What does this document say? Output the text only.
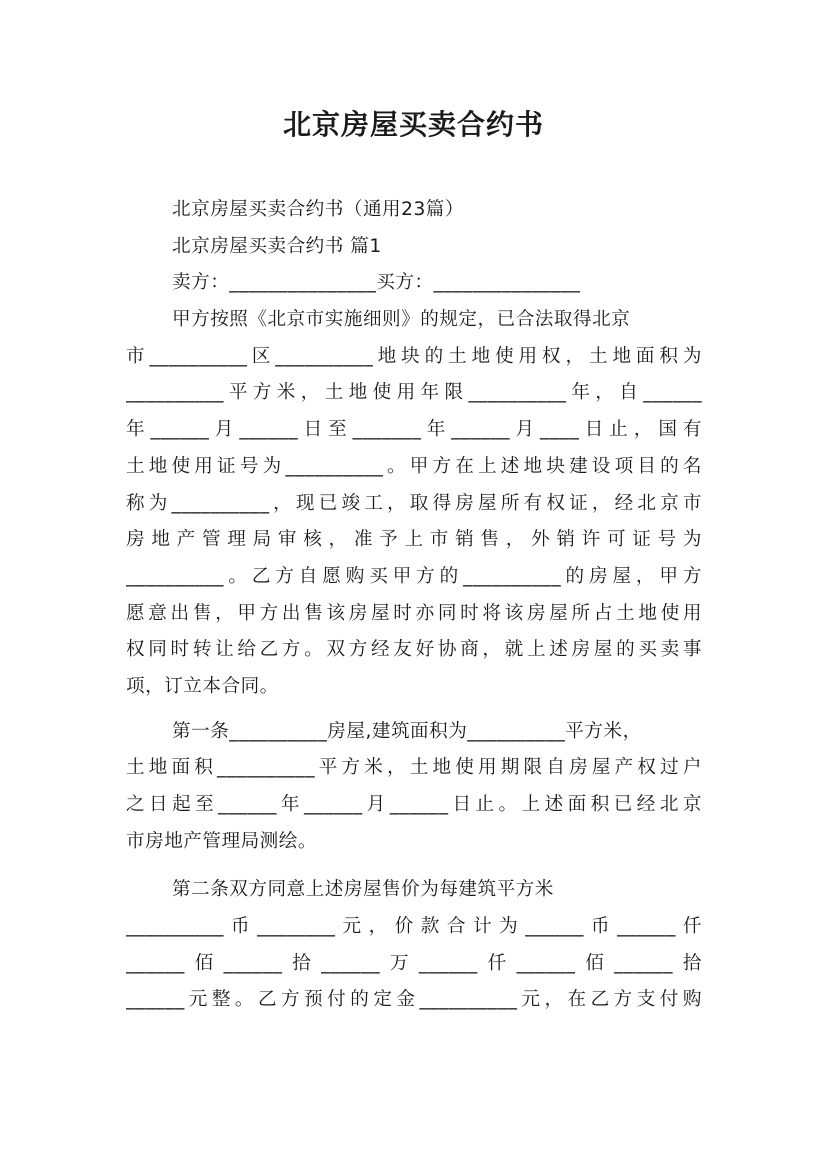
北京房屋买卖合约书
北京房屋买卖合约书（通用23篇）
北京房屋买卖合约书 篇1
卖方：_______________买方：_______________
甲方按照《北京市实施细则》的规定，已合法取得北京
市__________区__________地块的土地使用权，土地面积为
__________平方米，土地使用年限__________年，自______
年______月______日至_______年______月____日止，国有
土地使用证号为__________。甲方在上述地块建设项目的名
称为__________，现已竣工，取得房屋所有权证，经北京市
房地产管理局审核，准予上市销售，外销许可证号为
__________。乙方自愿购买甲方的__________的房屋，甲方
愿意出售，甲方出售该房屋时亦同时将该房屋所占土地使用
权同时转让给乙方。双方经友好协商，就上述房屋的买卖事
项，订立本合同。
第一条__________房屋,建筑面积为__________平方米，
土地面积__________平方米，土地使用期限自房屋产权过户
之日起至______年______月______日止。上述面积已经北京
市房地产管理局测绘。
第二条双方同意上述房屋售价为每建筑平方米
__________币________元，价款合计为______币______仟
______佰______拾______万______仟______佰______拾
______元整。乙方预付的定金__________元，在乙方支付购
